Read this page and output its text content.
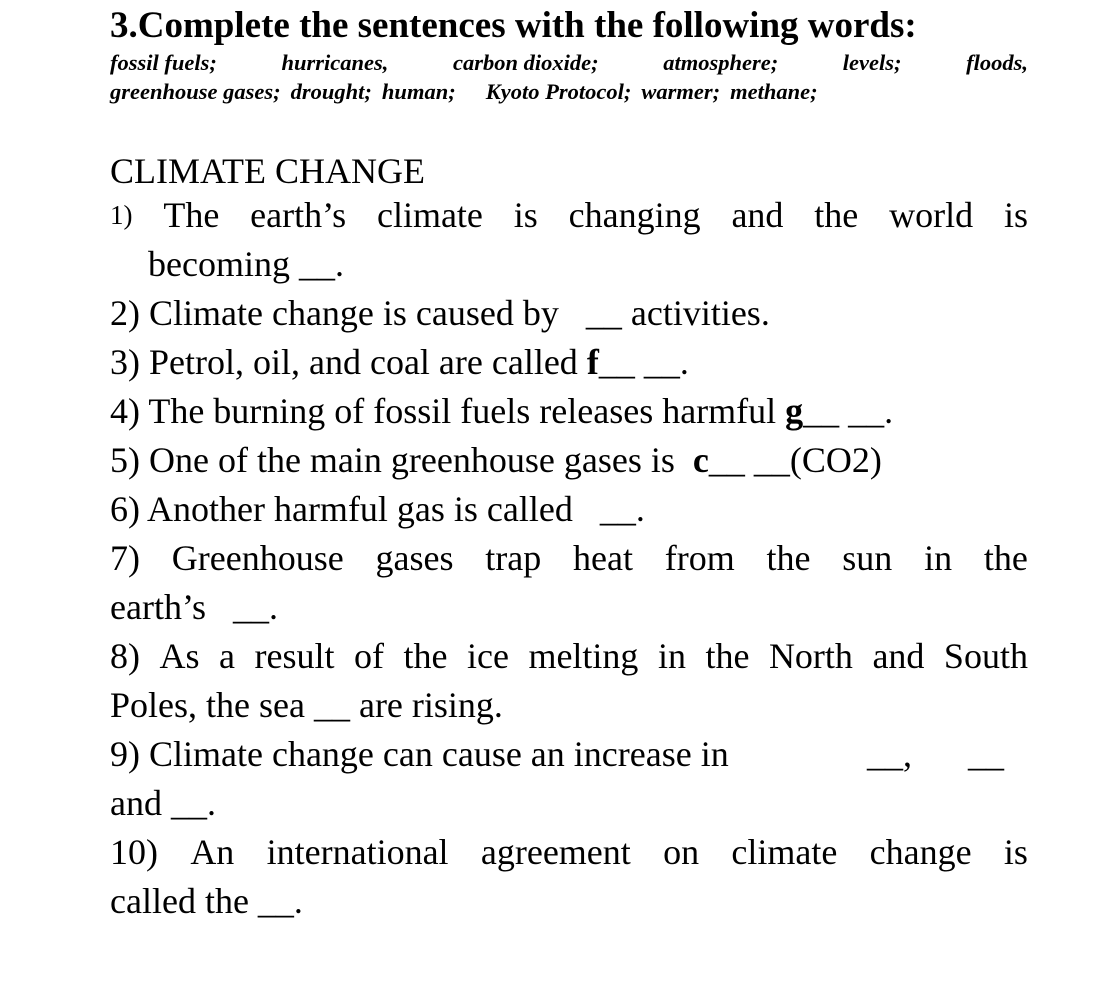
3.Complete the sentences with the following words:
fossil fuels;	hurricanes,	carbon dioxide;	atmosphere;	levels;	floods,
greenhouse gases; drought; human; Kyoto Protocol; warmer; methane;
CLIMATE CHANGE
1) The earth’s climate is changing and the world is
becoming __.
2) Climate change is caused by   __ activities.
3) Petrol, oil, and coal are called f__ __.
4) The burning of fossil fuels releases harmful g__ __.
5) One of the main greenhouse gases is  c__ __(CO2)
6) Another harmful gas is called   __.
7) Greenhouse gases trap heat from the sun in the
earth’s   __.
8) As a result of the ice melting in the North and South
Poles, the sea __ are rising.
9) Climate change can cause an increase in	__, __
and __.
10) An international agreement on climate change is
called the __.
